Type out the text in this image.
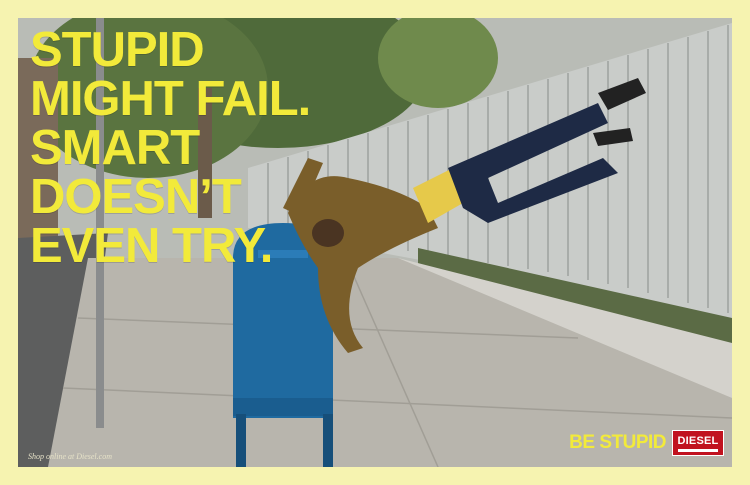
STUPID
MIGHT FAIL.
SMART
DOESN’T
EVEN TRY.
Shop online at Diesel.com
BE STUPID DIESEL
